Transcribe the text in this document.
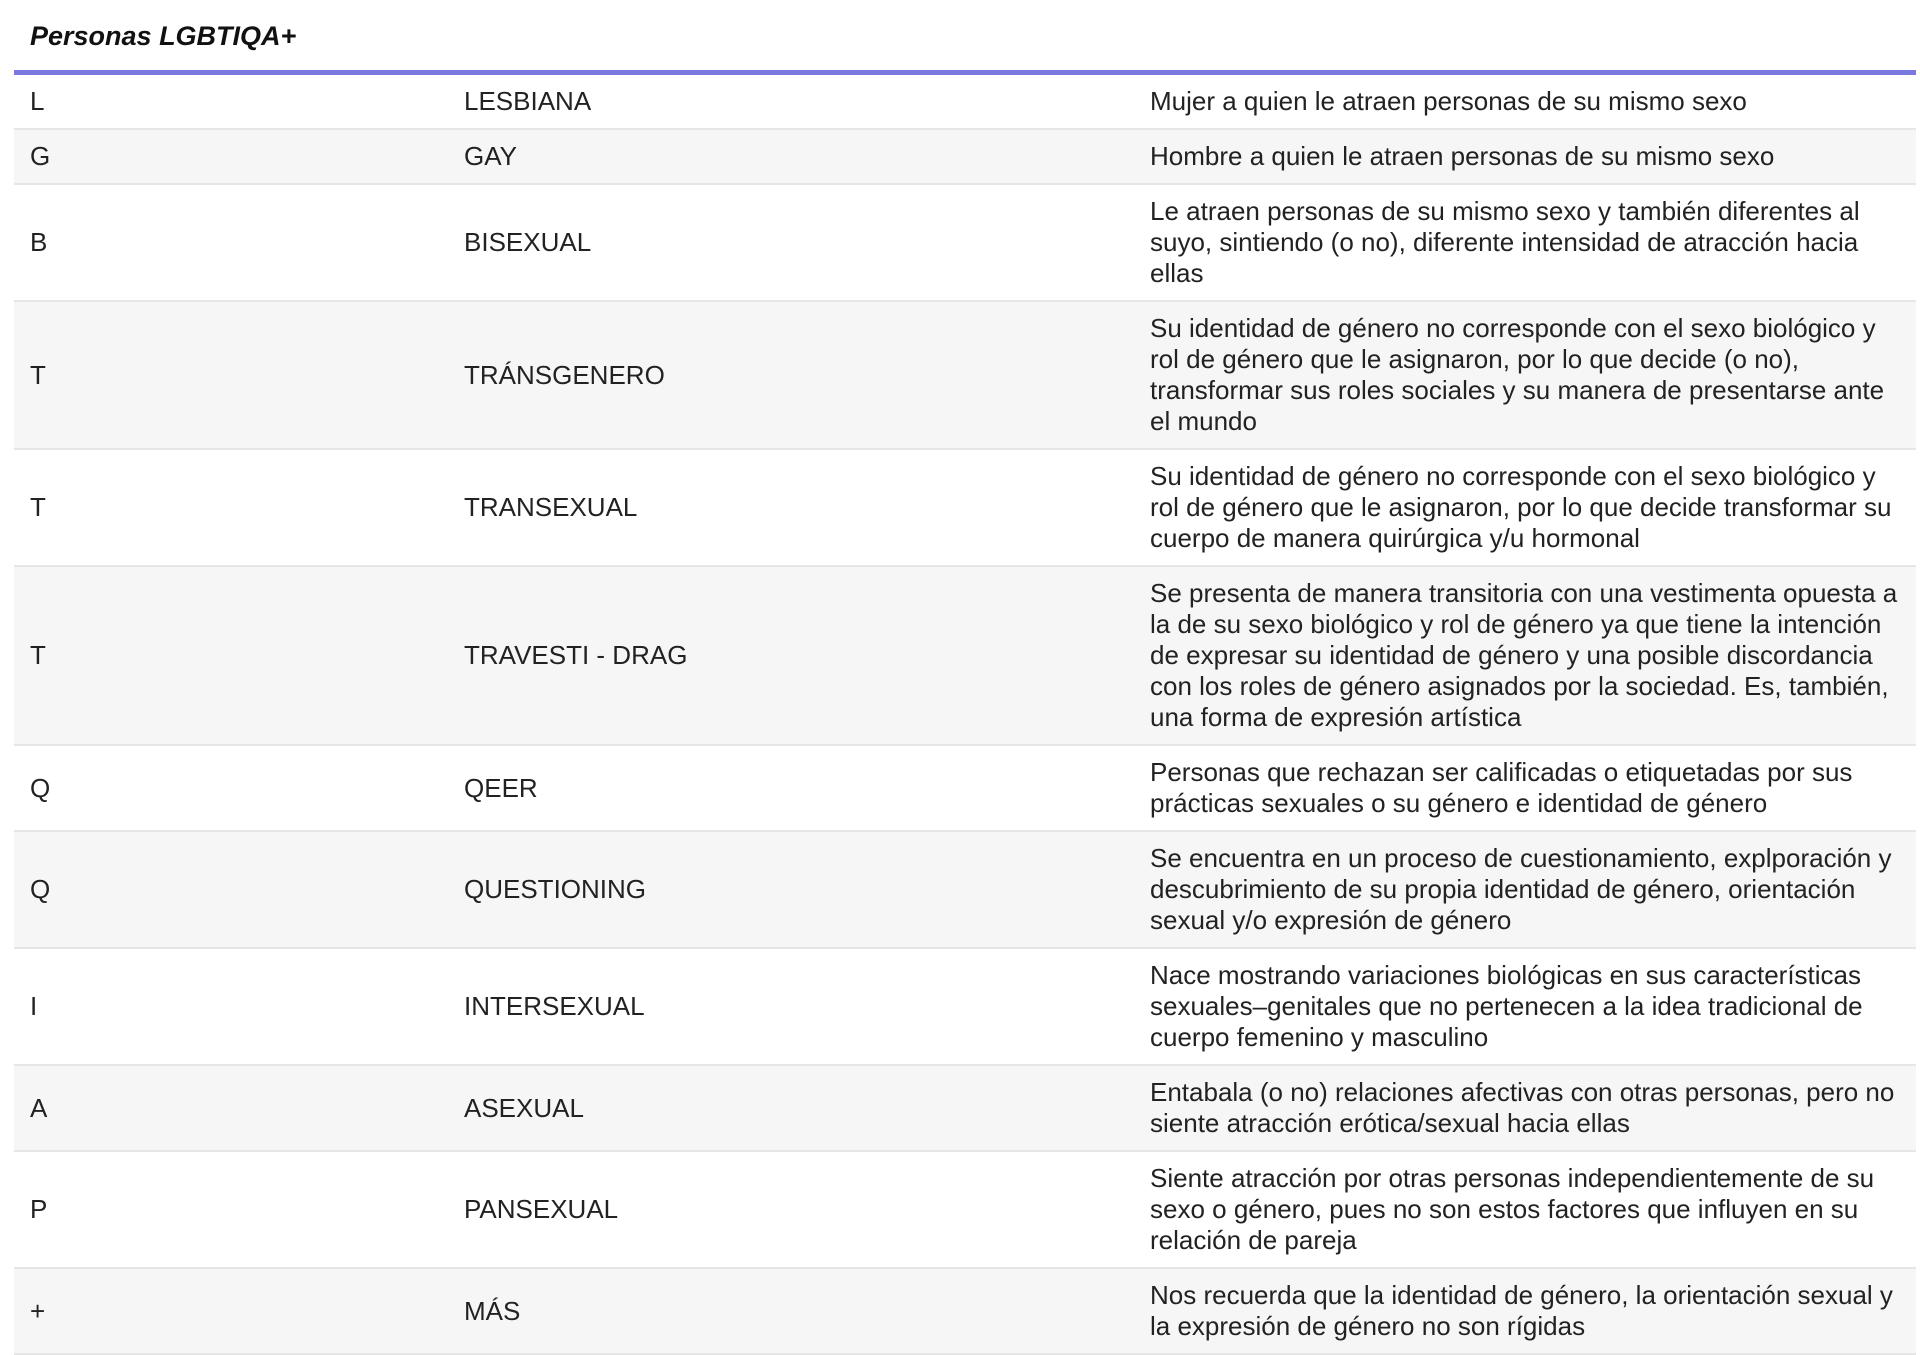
Personas LGBTIQA+
L	LESBIANA	Mujer a quien le atraen personas de su mismo sexo
G	GAY	Hombre a quien le atraen personas de su mismo sexo
B	BISEXUAL	Le atraen personas de su mismo sexo y también diferentes al suyo, sintiendo (o no), diferente intensidad de atracción hacia ellas
T	TRÁNSGENERO	Su identidad de género no corresponde con el sexo biológico y rol de género que le asignaron, por lo que decide (o no), transformar sus roles sociales y su manera de presentarse ante el mundo
T	TRANSEXUAL	Su identidad de género no corresponde con el sexo biológico y rol de género que le asignaron, por lo que decide transformar su cuerpo de manera quirúrgica y/u hormonal
T	TRAVESTI - DRAG	Se presenta de manera transitoria con una vestimenta opuesta a la de su sexo biológico y rol de género ya que tiene la intención de expresar su identidad de género y una posible discordancia con los roles de género asignados por la sociedad. Es, también, una forma de expresión artística
Q	QEER	Personas que rechazan ser calificadas o etiquetadas por sus prácticas sexuales o su género e identidad de género
Q	QUESTIONING	Se encuentra en un proceso de cuestionamiento, explporación y descubrimiento de su propia identidad de género, orientación sexual y/o expresión de género
I	INTERSEXUAL	Nace mostrando variaciones biológicas en sus características sexuales–genitales que no pertenecen a la idea tradicional de cuerpo femenino y masculino
A	ASEXUAL	Entabala (o no) relaciones afectivas con otras personas, pero no siente atracción erótica/sexual hacia ellas
P	PANSEXUAL	Siente atracción por otras personas independientemente de su sexo o género, pues no son estos factores que influyen en su relación de pareja
+	MÁS	Nos recuerda que la identidad de género, la orientación sexual y la expresión de género no son rígidas
